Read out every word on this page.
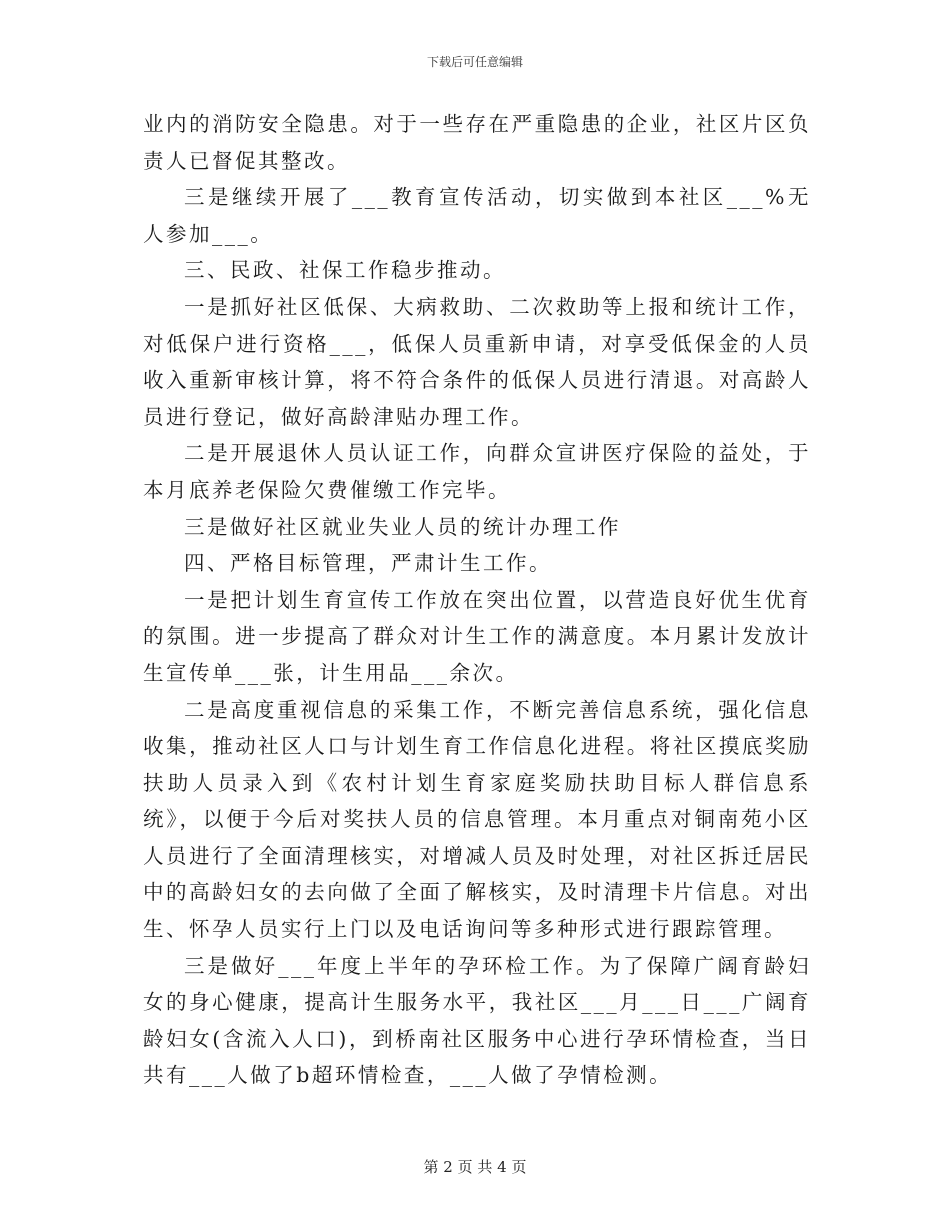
下载后可任意编辑

业内的消防安全隐患。对于一些存在严重隐患的企业，社区片区负责人已督促其整改。

三是继续开展了___教育宣传活动，切实做到本社区___%无人参加___。

三、民政、社保工作稳步推动。

一是抓好社区低保、大病救助、二次救助等上报和统计工作，对低保户进行资格___，低保人员重新申请，对享受低保金的人员收入重新审核计算，将不符合条件的低保人员进行清退。对高龄人员进行登记，做好高龄津贴办理工作。

二是开展退休人员认证工作，向群众宣讲医疗保险的益处，于本月底养老保险欠费催缴工作完毕。

三是做好社区就业失业人员的统计办理工作

四、严格目标管理，严肃计生工作。

一是把计划生育宣传工作放在突出位置，以营造良好优生优育的氛围。进一步提高了群众对计生工作的满意度。本月累计发放计生宣传单___张，计生用品___余次。

二是高度重视信息的采集工作，不断完善信息系统，强化信息收集，推动社区人口与计划生育工作信息化进程。将社区摸底奖励扶助人员录入到《农村计划生育家庭奖励扶助目标人群信息系统》，以便于今后对奖扶人员的信息管理。本月重点对铜南苑小区人员进行了全面清理核实，对增减人员及时处理，对社区拆迁居民中的高龄妇女的去向做了全面了解核实，及时清理卡片信息。对出生、怀孕人员实行上门以及电话询问等多种形式进行跟踪管理。

三是做好___年度上半年的孕环检工作。为了保障广阔育龄妇女的身心健康，提高计生服务水平，我社区___月___日___广阔育龄妇女(含流入人口)，到桥南社区服务中心进行孕环情检查，当日共有___人做了b超环情检查，___人做了孕情检测。

第 2 页 共 4 页
